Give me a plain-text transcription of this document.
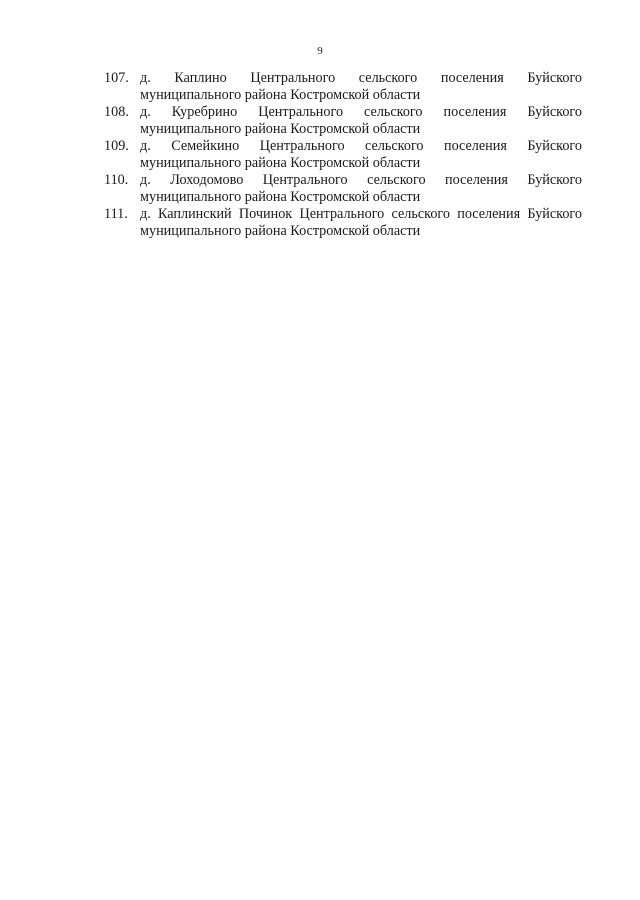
9
107. д. Каплино Центрального сельского поселения Буйского муниципального района Костромской области
108. д. Куребрино Центрального сельского поселения Буйского муниципального района Костромской области
109. д. Семейкино Центрального сельского поселения Буйского муниципального района Костромской области
110. д. Лоходомово Центрального сельского поселения Буйского муниципального района Костромской области
111. д. Каплинский Починок Центрального сельского поселения Буйского муниципального района Костромской области
